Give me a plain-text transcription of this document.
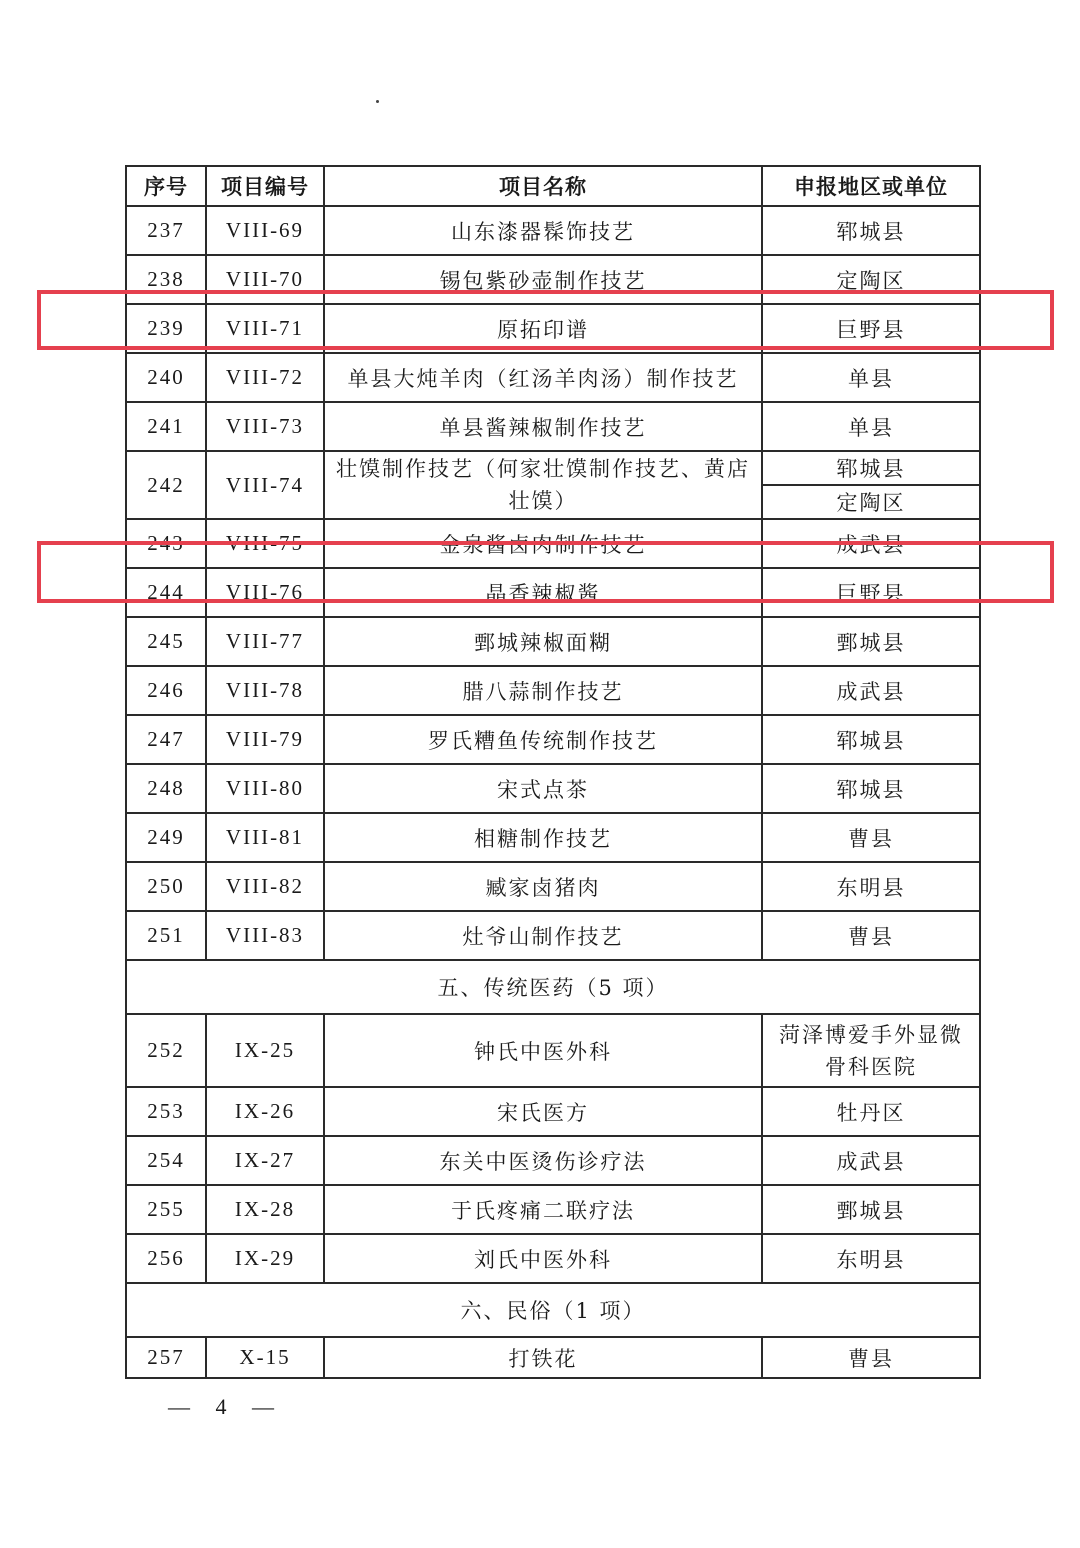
序号	项目编号	项目名称	申报地区或单位
237	VIII-69	山东漆器髹饰技艺	郓城县
238	VIII-70	锡包紫砂壶制作技艺	定陶区
239	VIII-71	原拓印谱	巨野县
240	VIII-72	单县大炖羊肉（红汤羊肉汤）制作技艺	单县
241	VIII-73	单县酱辣椒制作技艺	单县
242	VIII-74	壮馍制作技艺（何家壮馍制作技艺、黄店壮馍）	郓城县
			定陶区
243	VIII-75	金泉酱卤肉制作技艺	成武县
244	VIII-76	晶香辣椒酱	巨野县
245	VIII-77	鄄城辣椒面糊	鄄城县
246	VIII-78	腊八蒜制作技艺	成武县
247	VIII-79	罗氏糟鱼传统制作技艺	郓城县
248	VIII-80	宋式点茶	郓城县
249	VIII-81	相糖制作技艺	曹县
250	VIII-82	臧家卤猪肉	东明县
251	VIII-83	灶爷山制作技艺	曹县
五、传统医药（5 项）			
252	IX-25	钟氏中医外科	菏泽博爱手外显微骨科医院
253	IX-26	宋氏医方	牡丹区
254	IX-27	东关中医烫伤诊疗法	成武县
255	IX-28	于氏疼痛二联疗法	鄄城县
256	IX-29	刘氏中医外科	东明县
六、民俗（1 项）			
257	X-15	打铁花	曹县
— 4 —
